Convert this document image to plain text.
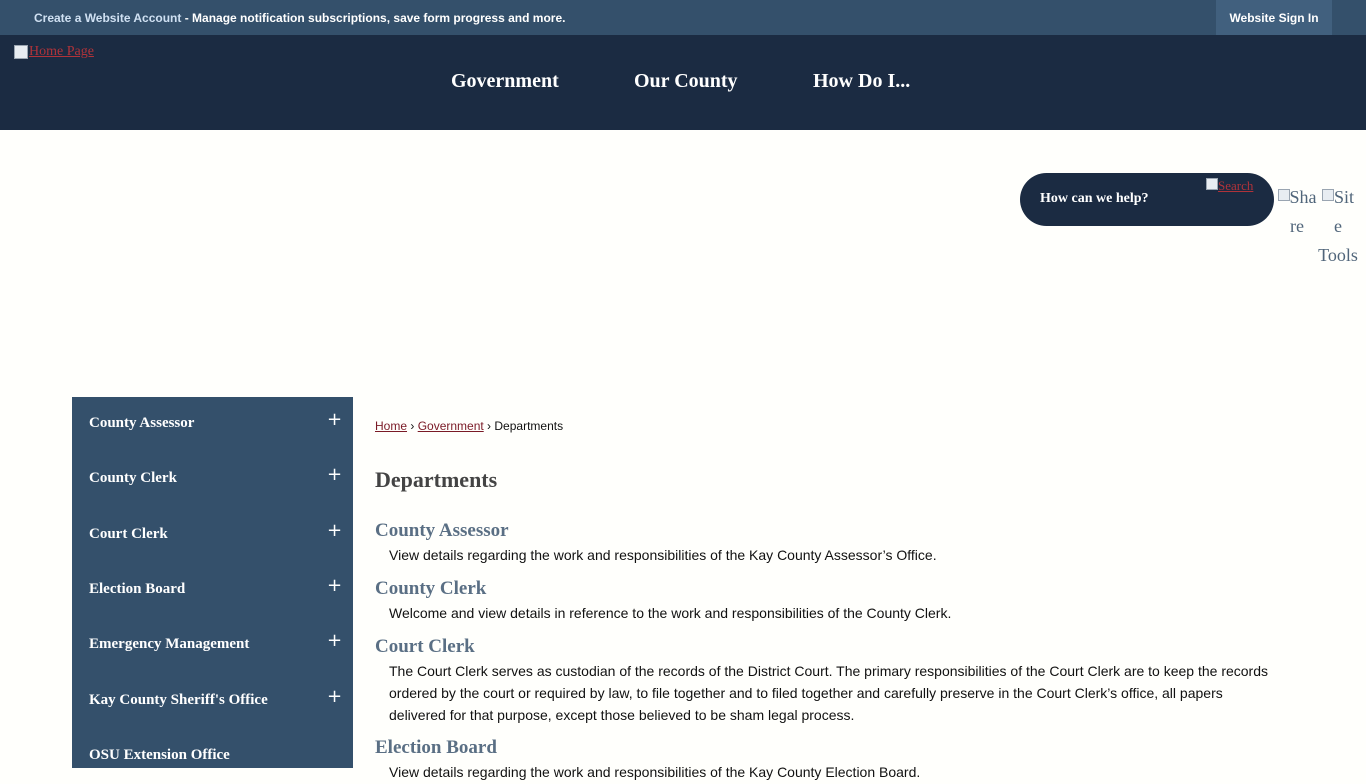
Create a Website Account - Manage notification subscriptions, save form progress and more.	Website Sign In
Home Page
Government	Our County	How Do I...
How can we help?
Search
Sha
re
Sit
e
Tools
County Assessor	+
County Clerk	+
Court Clerk	+
Election Board	+
Emergency Management	+
Kay County Sheriff's Office	+
OSU Extension Office
Home › Government › Departments
Departments
County Assessor
View details regarding the work and responsibilities of the Kay County Assessor’s Office.
County Clerk
Welcome and view details in reference to the work and responsibilities of the County Clerk.
Court Clerk
The Court Clerk serves as custodian of the records of the District Court. The primary responsibilities of the Court Clerk are to keep the records ordered by the court or required by law, to file together and to filed together and carefully preserve in the Court Clerk’s office, all papers delivered for that purpose, except those believed to be sham legal process.
Election Board
View details regarding the work and responsibilities of the Kay County Election Board.
